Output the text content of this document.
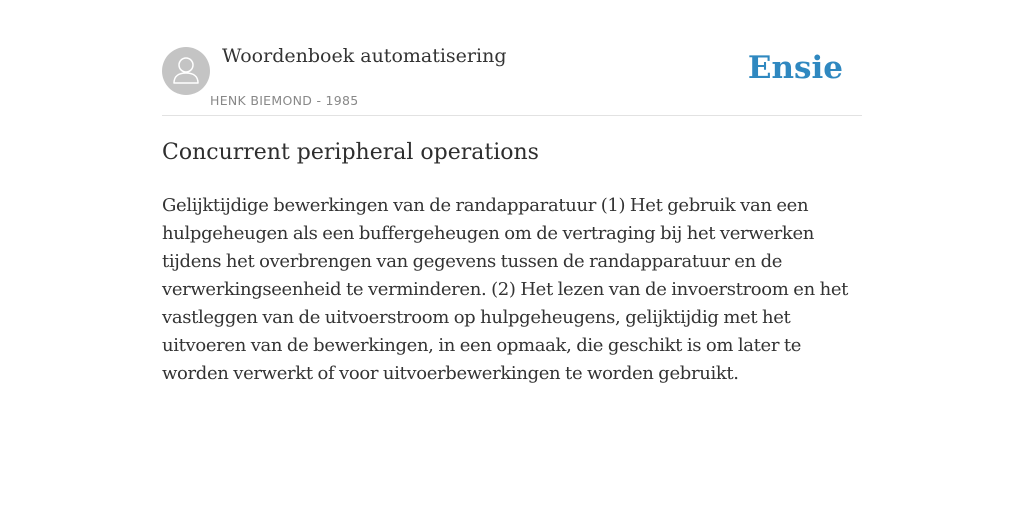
Woordenboek automatisering
HENK BIEMOND - 1985
Ensie
Concurrent peripheral operations

Gelijktijdige bewerkingen van de randapparatuur (1) Het gebruik van een hulpgeheugen als een buffergeheugen om de vertraging bij het verwerken tijdens het overbrengen van gegevens tussen de randapparatuur en de verwerkingseenheid te verminderen. (2) Het lezen van de invoerstroom en het vastleggen van de uitvoerstroom op hulpgeheugens, gelijktijdig met het uitvoeren van de bewerkingen, in een opmaak, die geschikt is om later te worden verwerkt of voor uitvoerbewerkingen te worden gebruikt.
